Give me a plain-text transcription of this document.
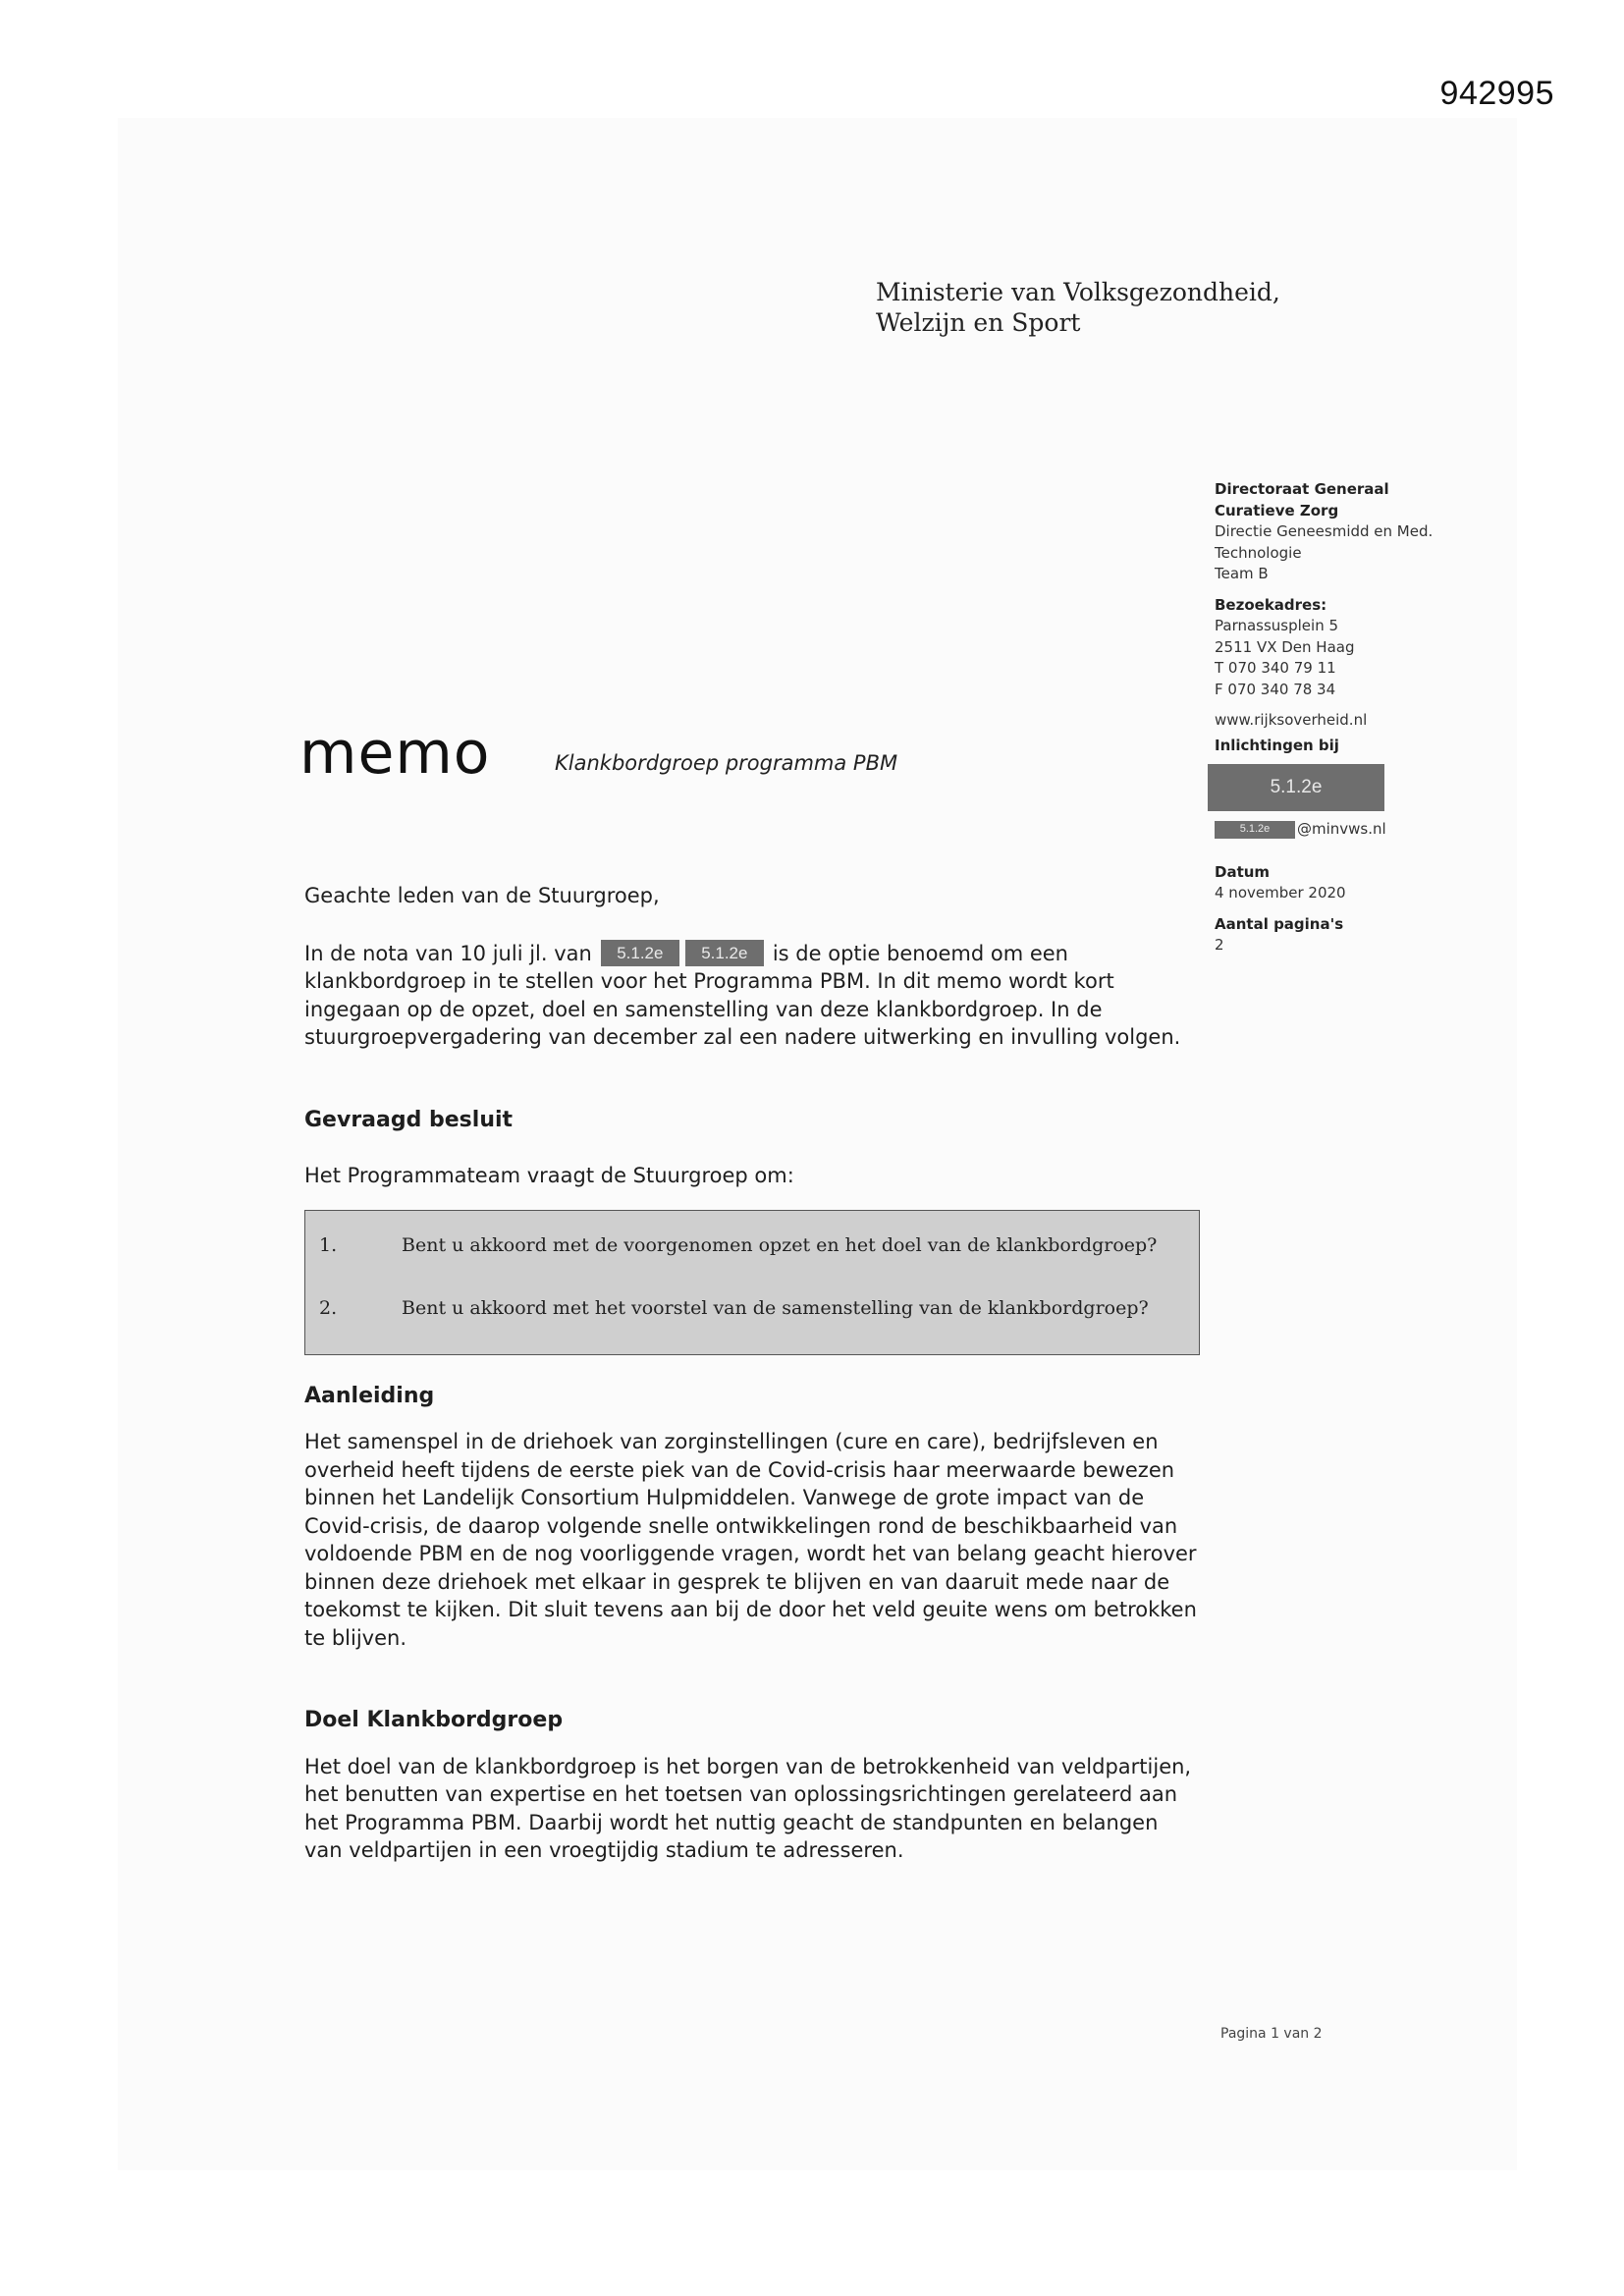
942995
Ministerie van Volksgezondheid,
Welzijn en Sport
Directoraat Generaal
Curatieve Zorg
Directie Geneesmidd en Med.
Technologie
Team B
Bezoekadres:
Parnassusplein 5
2511 VX Den Haag
T 070 340 79 11
F 070 340 78 34
www.rijksoverheid.nl
Inlichtingen bij
5.1.2e
5.1.2e	@minvws.nl
Datum
4 november 2020
Aantal pagina's
2
memo	Klankbordgroep programma PBM

Geachte leden van de Stuurgroep,

In de nota van 10 juli jl. van	5.1.2e	5.1.2e	is de optie benoemd om een

klankbordgroep in te stellen voor het Programma PBM. In dit memo wordt kort ingegaan op de opzet, doel en samenstelling van deze klankbordgroep. In de stuurgroepvergadering van december zal een nadere uitwerking en invulling volgen.

Gevraagd besluit

Het Programmateam vraagt de Stuurgroep om:

1.	Bent u akkoord met de voorgenomen opzet en het doel van de klankbordgroep?
2.	Bent u akkoord met het voorstel van de samenstelling van de klankbordgroep?

Aanleiding

Het samenspel in de driehoek van zorginstellingen (cure en care), bedrijfsleven en overheid heeft tijdens de eerste piek van de Covid-crisis haar meerwaarde bewezen binnen het Landelijk Consortium Hulpmiddelen. Vanwege de grote impact van de Covid-crisis, de daarop volgende snelle ontwikkelingen rond de beschikbaarheid van voldoende PBM en de nog voorliggende vragen, wordt het van belang geacht hierover binnen deze driehoek met elkaar in gesprek te blijven en van daaruit mede naar de toekomst te kijken. Dit sluit tevens aan bij de door het veld geuite wens om betrokken te blijven.

Doel Klankbordgroep

Het doel van de klankbordgroep is het borgen van de betrokkenheid van veldpartijen, het benutten van expertise en het toetsen van oplossingsrichtingen gerelateerd aan het Programma PBM. Daarbij wordt het nuttig geacht de standpunten en belangen van veldpartijen in een vroegtijdig stadium te adresseren.

Pagina 1 van 2
